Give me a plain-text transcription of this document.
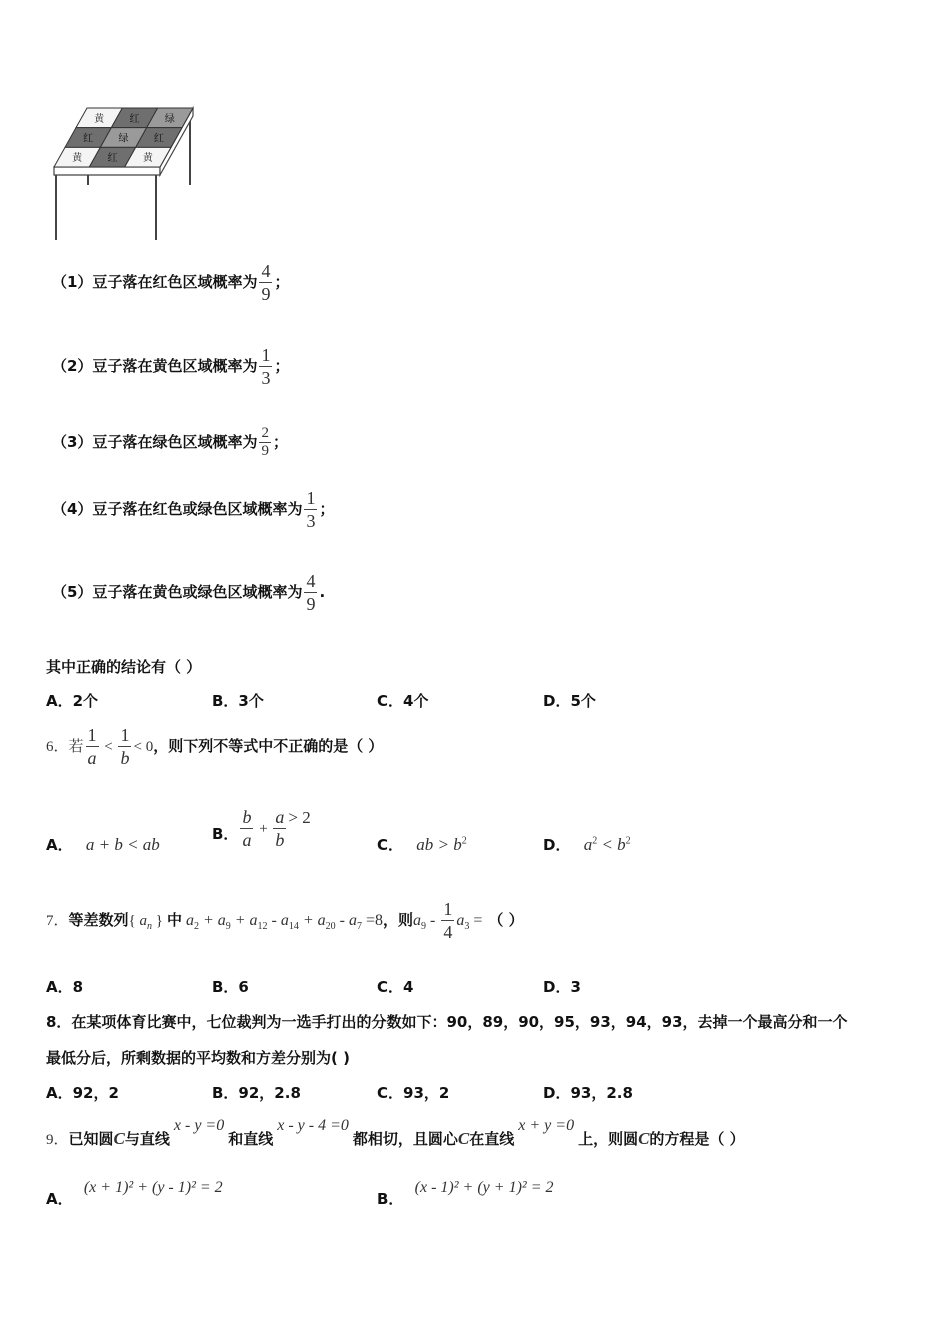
黄	红	绿
红	绿	红
黄	红	黄
（1）豆子落在红色区域概率为 $\frac{4}{9}$ ；
（2）豆子落在黄色区域概率为 $\frac{1}{3}$ ；
（3）豆子落在绿色区域概率为 $\frac{2}{9}$ ；
（4）豆子落在红色或绿色区域概率为 $\frac{1}{3}$ ；
（5）豆子落在黄色或绿色区域概率为 $\frac{4}{9}$ .
其中正确的结论有（ ）
A．2个	B．3个	C．4个	D．5个
6．若 $\frac{1}{a} < \frac{1}{b} < 0$，则下列不等式中不正确的是（ ）
A． a + b < ab
B． $\frac{b}{a} + \frac{a}{b} > 2$
C． ab > $b^2$	D． $a^2 < b^2$
7．等差数列{ $a_n$ } 中 $a_2 + a_9 + a_{12} - a_{14} + a_{20} - a_7 =8$，则$a_9 - \frac{1}{4} a_3$ = （ ）
A．8	B．6	C．4	D．3
8．在某项体育比赛中，七位裁判为一选手打出的分数如下：90，89，90，95，93，94，93，去掉一个最高分和一个
最低分后，所剩数据的平均数和方差分别为( )
A．92，2	B．92，2.8	C．93，2	D．93，2.8
9．已知圆C与直线x - y =0和直线x - y - 4 =0都相切，且圆心C在直线x + y =0上，则圆C的方程是（ ）
A． (x + 1)² + (y - 1)² = 2
B． (x - 1)² + (y + 1)² = 2
